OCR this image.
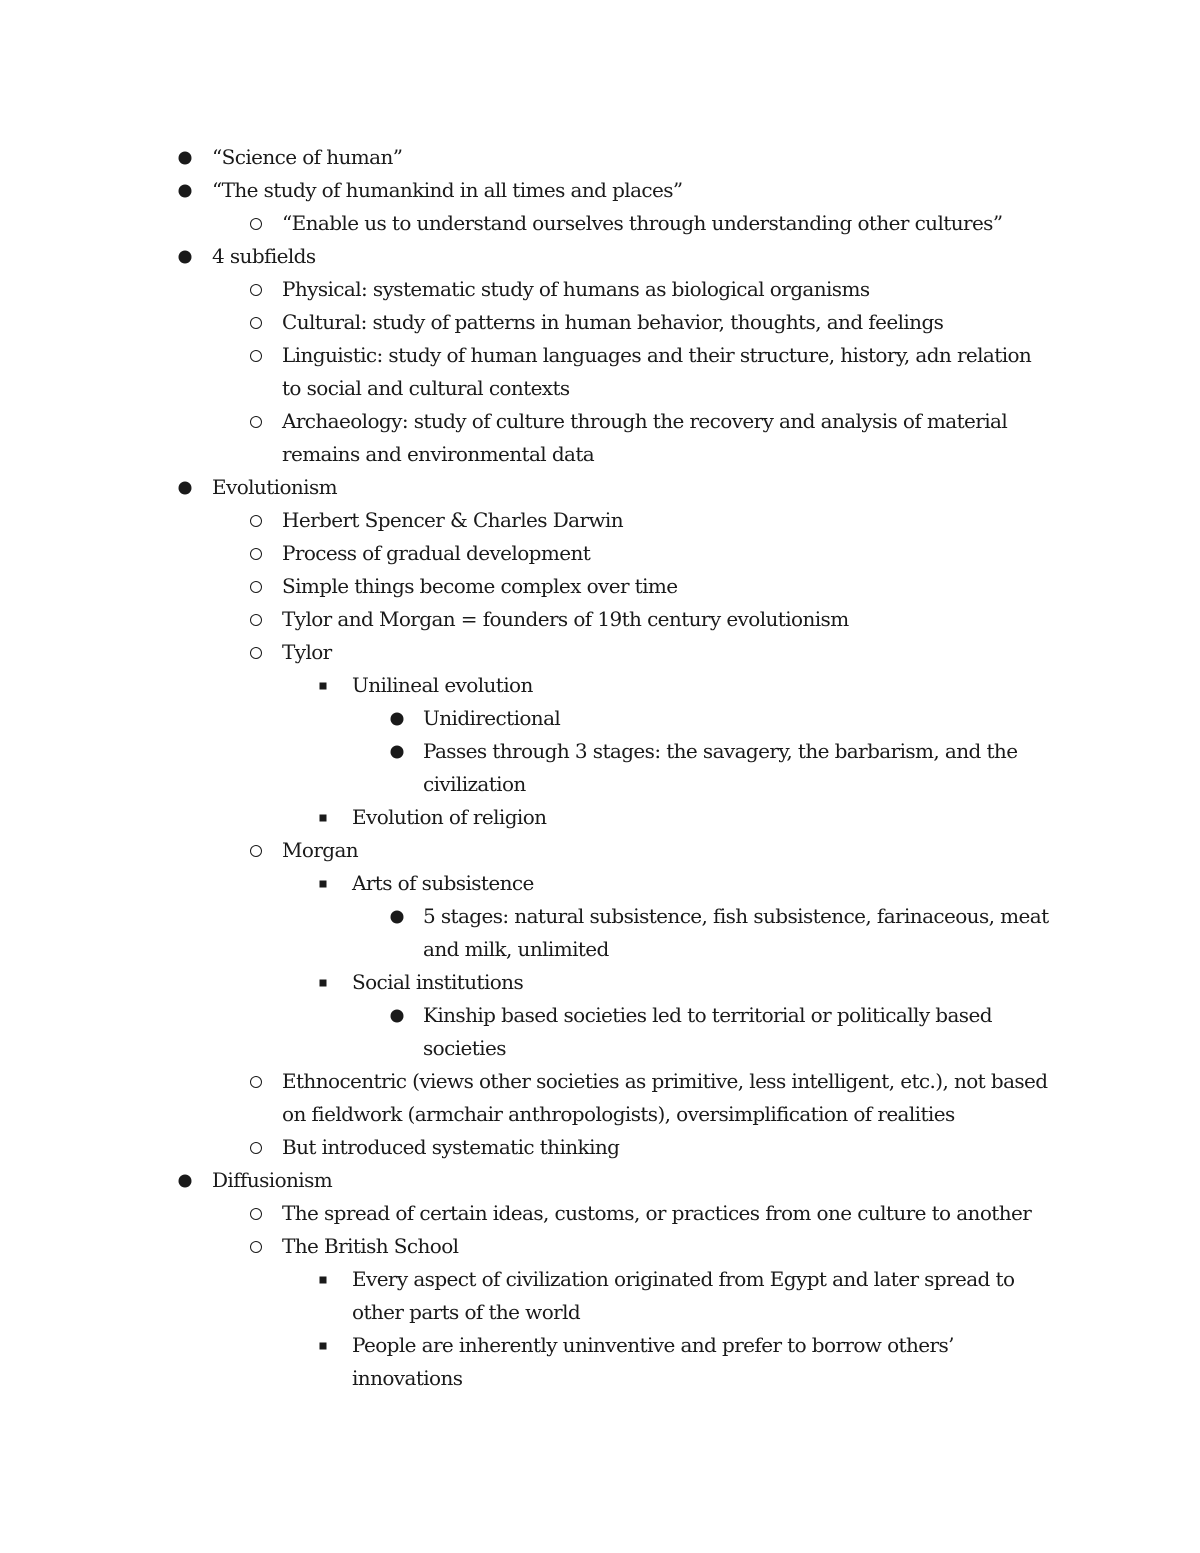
“Science of human”
“The study of humankind in all times and places”
“Enable us to understand ourselves through understanding other cultures”
4 subfields
Physical: systematic study of humans as biological organisms
Cultural: study of patterns in human behavior, thoughts, and feelings
Linguistic: study of human languages and their structure, history, adn relation
to social and cultural contexts
Archaeology: study of culture through the recovery and analysis of material
remains and environmental data
Evolutionism
Herbert Spencer & Charles Darwin
Process of gradual development
Simple things become complex over time
Tylor and Morgan = founders of 19th century evolutionism
Tylor
Unilineal evolution
Unidirectional
Passes through 3 stages: the savagery, the barbarism, and the
civilization
Evolution of religion
Morgan
Arts of subsistence
5 stages: natural subsistence, fish subsistence, farinaceous, meat
and milk, unlimited
Social institutions
Kinship based societies led to territorial or politically based
societies
Ethnocentric (views other societies as primitive, less intelligent, etc.), not based
on fieldwork (armchair anthropologists), oversimplification of realities
But introduced systematic thinking
Diffusionism
The spread of certain ideas, customs, or practices from one culture to another
The British School
Every aspect of civilization originated from Egypt and later spread to
other parts of the world
People are inherently uninventive and prefer to borrow others’
innovations
